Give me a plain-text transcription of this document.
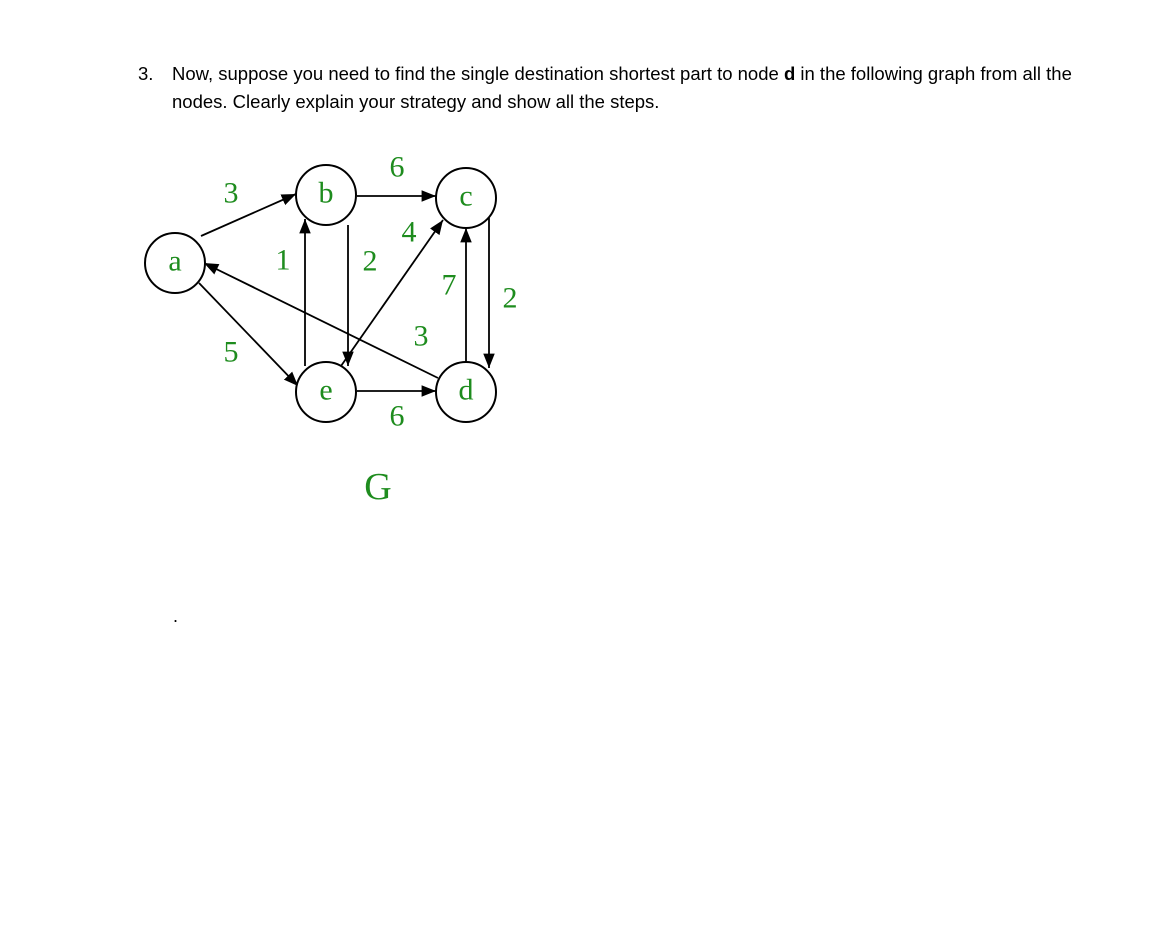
3. Now, suppose you need to find the single destination shortest part to node d in the following graph from all the nodes. Clearly explain your strategy and show all the steps.
a
b	c
d
e
3
5
6
2
1
4
6
3
7 2
G
.
